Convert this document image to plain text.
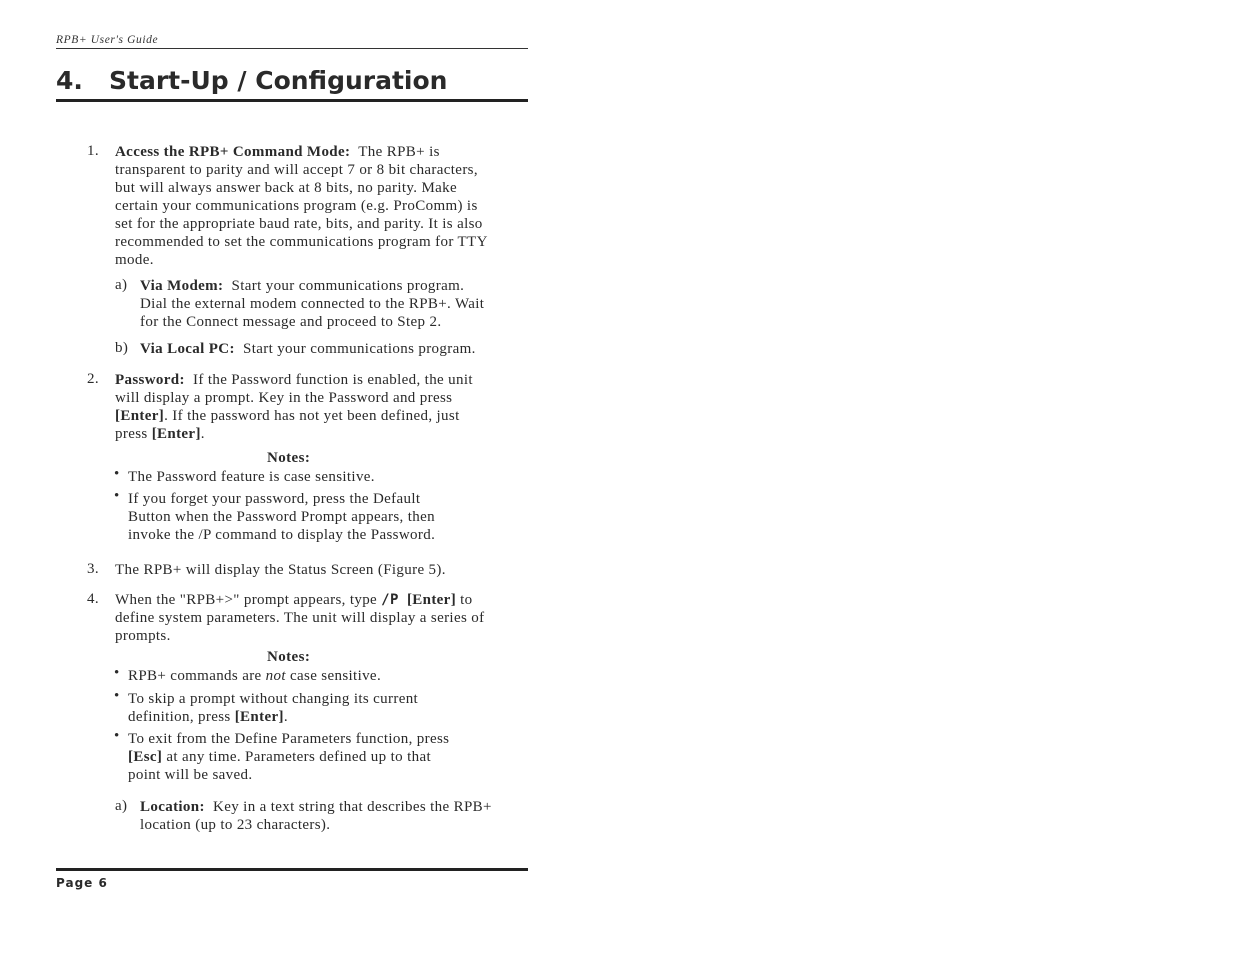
RPB+ User's Guide
4. Start-Up / Configuration
1. Access the RPB+ Command Mode: The RPB+ is
transparent to parity and will accept 7 or 8 bit characters,
but will always answer back at 8 bits, no parity. Make
certain your communications program (e.g. ProComm) is
set for the appropriate baud rate, bits, and parity. It is also
recommended to set the communications program for TTY
mode.
a) Via Modem: Start your communications program.
Dial the external modem connected to the RPB+. Wait
for the Connect message and proceed to Step 2.
b) Via Local PC: Start your communications program.
2. Password: If the Password function is enabled, the unit
will display a prompt. Key in the Password and press
[Enter]. If the password has not yet been defined, just
press [Enter].
Notes:
• The Password feature is case sensitive.
• If you forget your password, press the Default
Button when the Password Prompt appears, then
invoke the /P command to display the Password.
3. The RPB+ will display the Status Screen (Figure 5).
4. When the "RPB+>" prompt appears, type /P [Enter] to
define system parameters. The unit will display a series of
prompts.
Notes:
• RPB+ commands are not case sensitive.
• To skip a prompt without changing its current
definition, press [Enter].
• To exit from the Define Parameters function, press
[Esc] at any time. Parameters defined up to that
point will be saved.
a) Location: Key in a text string that describes the RPB+
location (up to 23 characters).
Page 6
